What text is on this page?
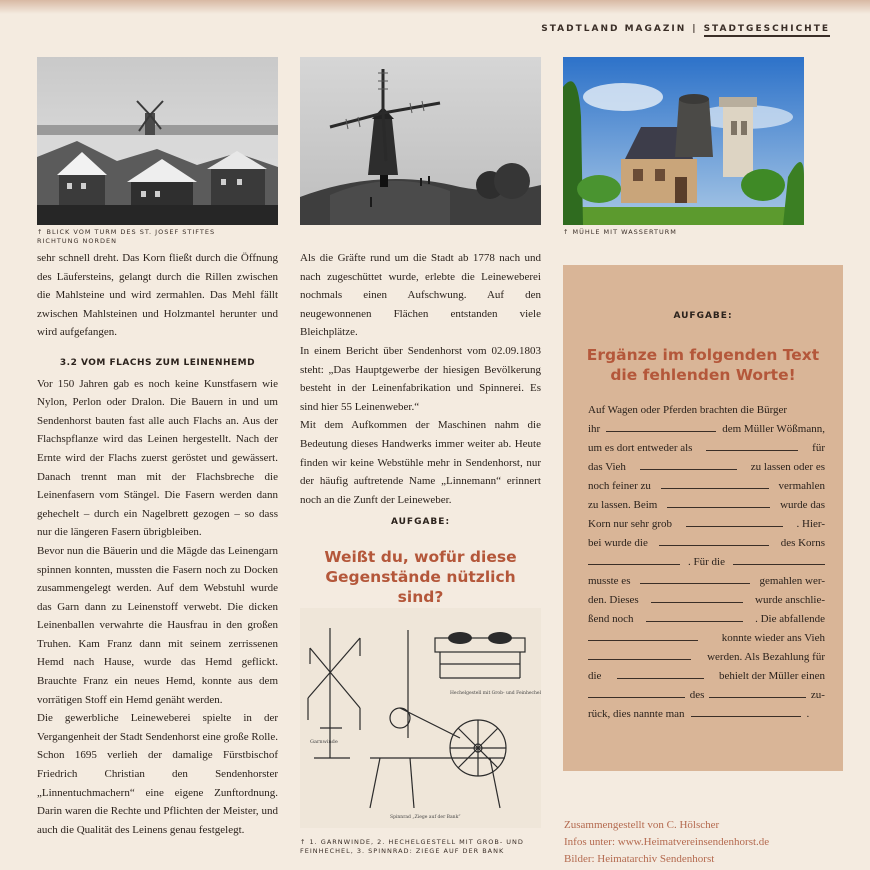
STADTLAND MAGAZIN | STADTGESCHICHTE
↑ BLICK VOM TURM DES ST. JOSEF STIFTES RICHTUNG NORDEN
↑ MÜHLE MIT WASSERTURM

sehr schnell dreht. Das Korn fließt durch die Öffnung des Läufersteins, gelangt durch die Rillen zwischen die Mahlsteine und wird zermahlen. Das Mehl fällt zwischen Mahlsteinen und Holzmantel herunter und wird aufgefangen.

3.2 VOM FLACHS ZUM LEINENHEMD

Vor 150 Jahren gab es noch keine Kunstfasern wie Nylon, Perlon oder Dralon. Die Bauern in und um Sendenhorst bauten fast alle auch Flachs an. Aus der Flachspflanze wird das Leinen hergestellt. Nach der Ernte wird der Flachs zuerst geröstet und gewässert. Danach trennt man mit der Flachsbreche die Leinenfasern vom Stängel. Die Fasern werden dann gehechelt – durch ein Nagelbrett gezogen – so dass nur die längeren Fasern übrigbleiben.

Bevor nun die Bäuerin und die Mägde das Leinengarn spinnen konnten, mussten die Fasern noch zu Docken zusammengelegt werden. Auf dem Webstuhl wurde das Garn dann zu Leinenstoff verwebt. Die dicken Leinenballen verwahrte die Hausfrau in den großen Truhen. Kam Franz dann mit seinem zerrissenen Hemd nach Hause, wurde das Hemd geflickt. Brauchte Franz ein neues Hemd, konnte aus dem vorrätigen Stoff ein Hemd genäht werden.

Die gewerbliche Leineweberei spielte in der Vergangenheit der Stadt Sendenhorst eine große Rolle. Schon 1695 verlieh der damalige Fürstbischof Friedrich Christian den Sendenhorster „Linnentuchmachern“ eine eigene Zunftordnung. Darin waren die Rechte und Pflichten der Meister, und auch die Qualität des Leinens genau festgelegt.

Als die Gräfte rund um die Stadt ab 1778 nach und nach zugeschüttet wurde, erlebte die Leineweberei nochmals einen Aufschwung. Auf den neugewonnenen Flächen entstanden viele Bleichplätze.

In einem Bericht über Sendenhorst vom 02.09.1803 steht: „Das Hauptgewerbe der hiesigen Bevölkerung besteht in der Leinenfabrikation und Spinnerei. Es sind hier 55 Leinenweber.“

Mit dem Aufkommen der Maschinen nahm die Bedeutung dieses Handwerks immer weiter ab. Heute finden wir keine Webstühle mehr in Sendenhorst, nur der häufig auftretende Name „Linnemann“ erinnert noch an die Zunft der Leineweber.

AUFGABE:
Weißt du, wofür diese Gegenstände nützlich sind?
Garnwinde
Hechelgestell mit Grob- und Feinhechel
Spinnrad „Ziege auf der Bank“
↑ 1. GARNWINDE, 2. HECHELGESTELL MIT GROB- UND FEINHECHEL, 3. SPINNRAD: ZIEGE AUF DER BANK
AUFGABE:
Ergänze im folgenden Text die fehlenden Worte!
Auf Wagen oder Pferden brachten die Bürger
ihr	dem Müller Wößmann,
um es dort entweder als	für
das Vieh	zu lassen oder es
noch feiner zu	vermahlen
zu lassen. Beim	wurde das
Korn nur sehr grob	. Hier-
bei wurde die	des Korns
. Für die
musste es	gemahlen wer-
den. Dieses	wurde anschlie-
ßend noch	. Die abfallende
konnte wieder ans Vieh
werden. Als Bezahlung für
die	behielt der Müller einen
des	zu-
rück, dies nannte man	.
Zusammengestellt von C. Hölscher
Infos unter: www.Heimatvereinsendenhorst.de
Bilder: Heimatarchiv Sendenhorst
